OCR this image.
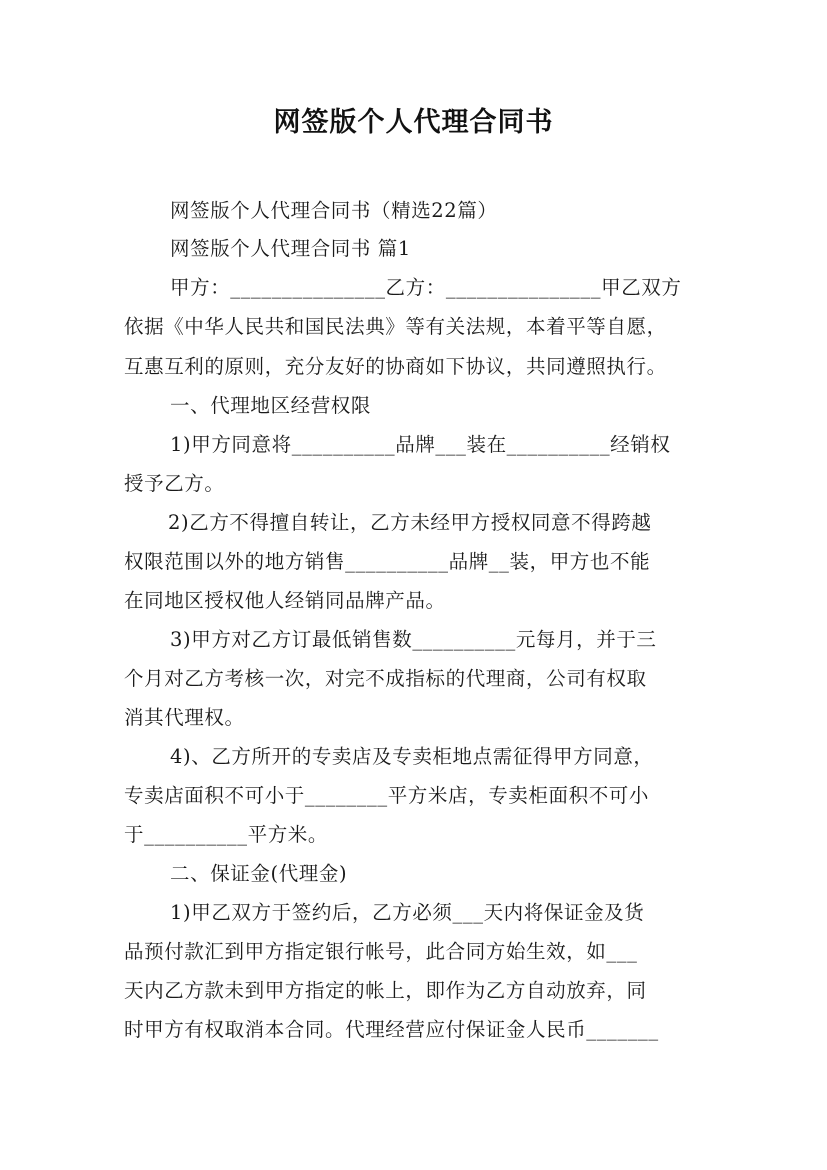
网签版个人代理合同书
网签版个人代理合同书（精选22篇）
网签版个人代理合同书 篇1
甲方：_______________乙方：_______________甲乙双方
依据《中华人民共和国民法典》等有关法规，本着平等自愿，
互惠互利的原则，充分友好的协商如下协议，共同遵照执行。
一、代理地区经营权限
1)甲方同意将__________品牌___装在__________经销权
授予乙方。
2)乙方不得擅自转让，乙方未经甲方授权同意不得跨越
权限范围以外的地方销售__________品牌__装，甲方也不能
在同地区授权他人经销同品牌产品。
3)甲方对乙方订最低销售数__________元每月，并于三
个月对乙方考核一次，对完不成指标的代理商，公司有权取
消其代理权。
4)、乙方所开的专卖店及专卖柜地点需征得甲方同意，
专卖店面积不可小于________平方米店，专卖柜面积不可小
于__________平方米。
二、保证金(代理金)
1)甲乙双方于签约后，乙方必须___天内将保证金及货
品预付款汇到甲方指定银行帐号，此合同方始生效，如___
天内乙方款未到甲方指定的帐上，即作为乙方自动放弃，同
时甲方有权取消本合同。代理经营应付保证金人民币_______
